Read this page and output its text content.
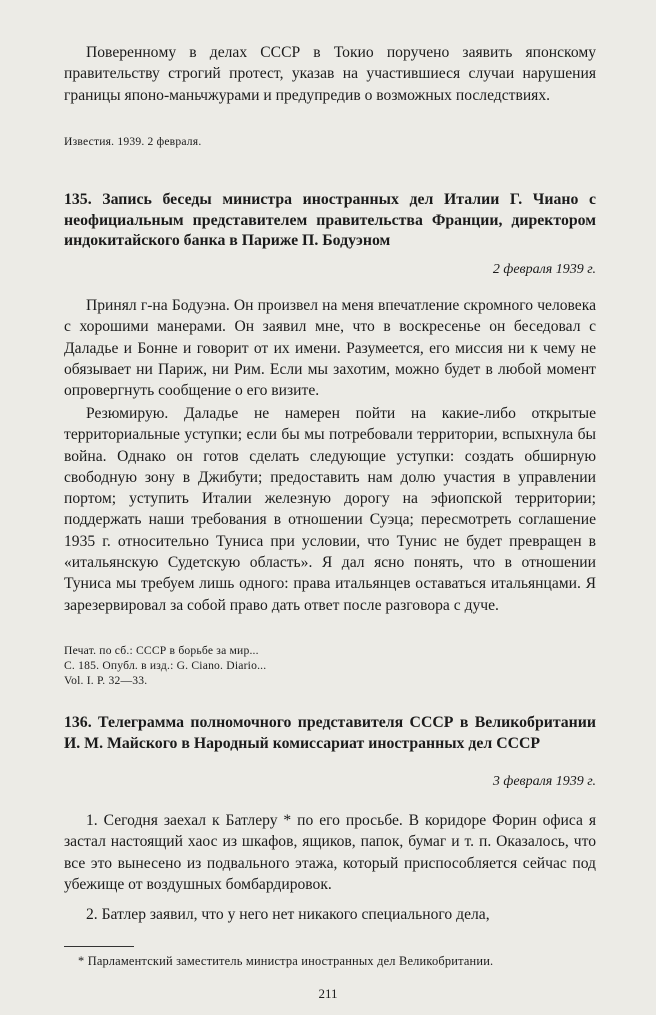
Повереннoму в делах СССР в Токио поручено заявить японскому правительству строгий протест, указав на участившиеся случаи нарушения границы японо-маньчжурами и предупредив о возможных последствиях.

Известия. 1939. 2 февраля.

135. Запись беседы министра иностранных дел Италии Г. Чиано с неофициальным представителем правительства Франции, директором индокитайского банка в Париже П. Бодуэном

2 февраля 1939 г.

Принял г-на Бодуэна. Он произвел на меня впечатление скромного человека с хорошими манерами. Он заявил мне, что в воскресенье он беседовал с Даладье и Бонне и говорит от их имени. Разумеется, его миссия ни к чему не обязывает ни Париж, ни Рим. Если мы захотим, можно будет в любой момент опровергнуть сообщение о его визите.

Резюмирую. Даладье не намерен пойти на какие-либо открытые территориальные уступки; если бы мы потребовали территории, вспыхнула бы война. Однако он готов сделать следующие уступки: создать обширную свободную зону в Джибути; предоставить нам долю участия в управлении портом; уступить Италии железную дорогу на эфиопской территории; поддержать наши требования в отношении Суэца; пересмотреть соглашение 1935 г. относительно Туниса при условии, что Тунис не будет превращен в «итальянскую Судетскую область». Я дал ясно понять, что в отношении Туниса мы требуем лишь одного: права итальянцев оставаться итальянцами. Я зарезервировал за собой право дать ответ после разговора с дуче.

Печат. по сб.: СССР в борьбе за мир...

С. 185. Опубл. в изд.: G. Ciano. Diario...

Vol. I. P. 32—33.

136. Телеграмма полномочного представителя СССР в Великобритании И. М. Майского в Народный комиссариат иностранных дел СССР

3 февраля 1939 г.

1. Сегодня заехал к Батлеру * по его просьбе. В коридоре Форин офиса я застал настоящий хаос из шкафов, ящиков, папок, бумаг и т. п. Оказалось, что все это вынесено из подвального этажа, который приспособляется сейчас под убежище от воздушных бомбардировок.

2. Батлер заявил, что у него нет никакого специального дела,

* Парламентский заместитель министра иностранных дел Великобритании.

211
